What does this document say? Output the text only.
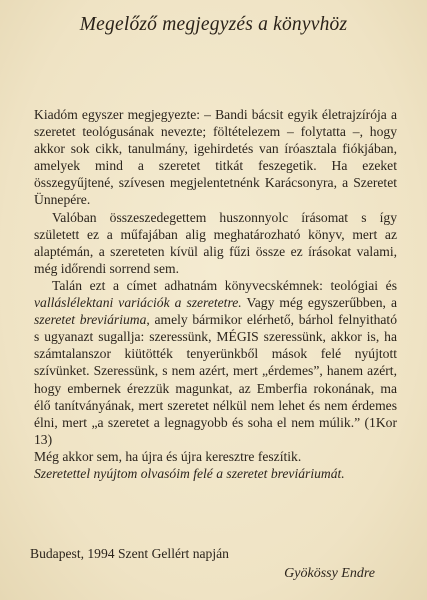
Megelőző megjegyzés a könyvhöz

Kiadóm egyszer megjegyezte: – Bandi bácsit egyik életrajzírója a szeretet teológusának nevezte; föltételezem – folytatta –, hogy akkor sok cikk, tanulmány, igehirdetés van íróasztala fiókjában, amelyek mind a szeretet titkát feszegetik. Ha ezeket összegyűjtené, szívesen megjelentetnénk Karácsonyra, a Szeretet Ünnepére.

Valóban összeszedegettem huszonnyolc írásomat s így született ez a műfajában alig meghatározható könyv, mert az alaptémán, a szereteten kívül alig fűzi össze ez írásokat valami, még időrendi sorrend sem.

Talán ezt a címet adhatnám könyvecskémnek: teológiai és valláslélektani variációk a szeretetre. Vagy még egyszerűbben, a szeretet breviáriuma, amely bármikor elérhető, bárhol felnyitható s ugyanazt sugallja: szeressünk, MÉGIS szeressünk, akkor is, ha számtalanszor kiütötték tenyerünkből mások felé nyújtott szívünket. Szeressünk, s nem azért, mert „érdemes”, hanem azért, hogy embernek érezzük magunkat, az Emberfia rokonának, ma élő tanítványának, mert szeretet nélkül nem lehet és nem érdemes élni, mert „a szeretet a legnagyobb és soha el nem múlik.” (1Kor 13)

Még akkor sem, ha újra és újra keresztre feszítik.

Szeretettel nyújtom olvasóim felé a szeretet breviáriumát.

Budapest, 1994 Szent Gellért napján
Gyökössy Endre
